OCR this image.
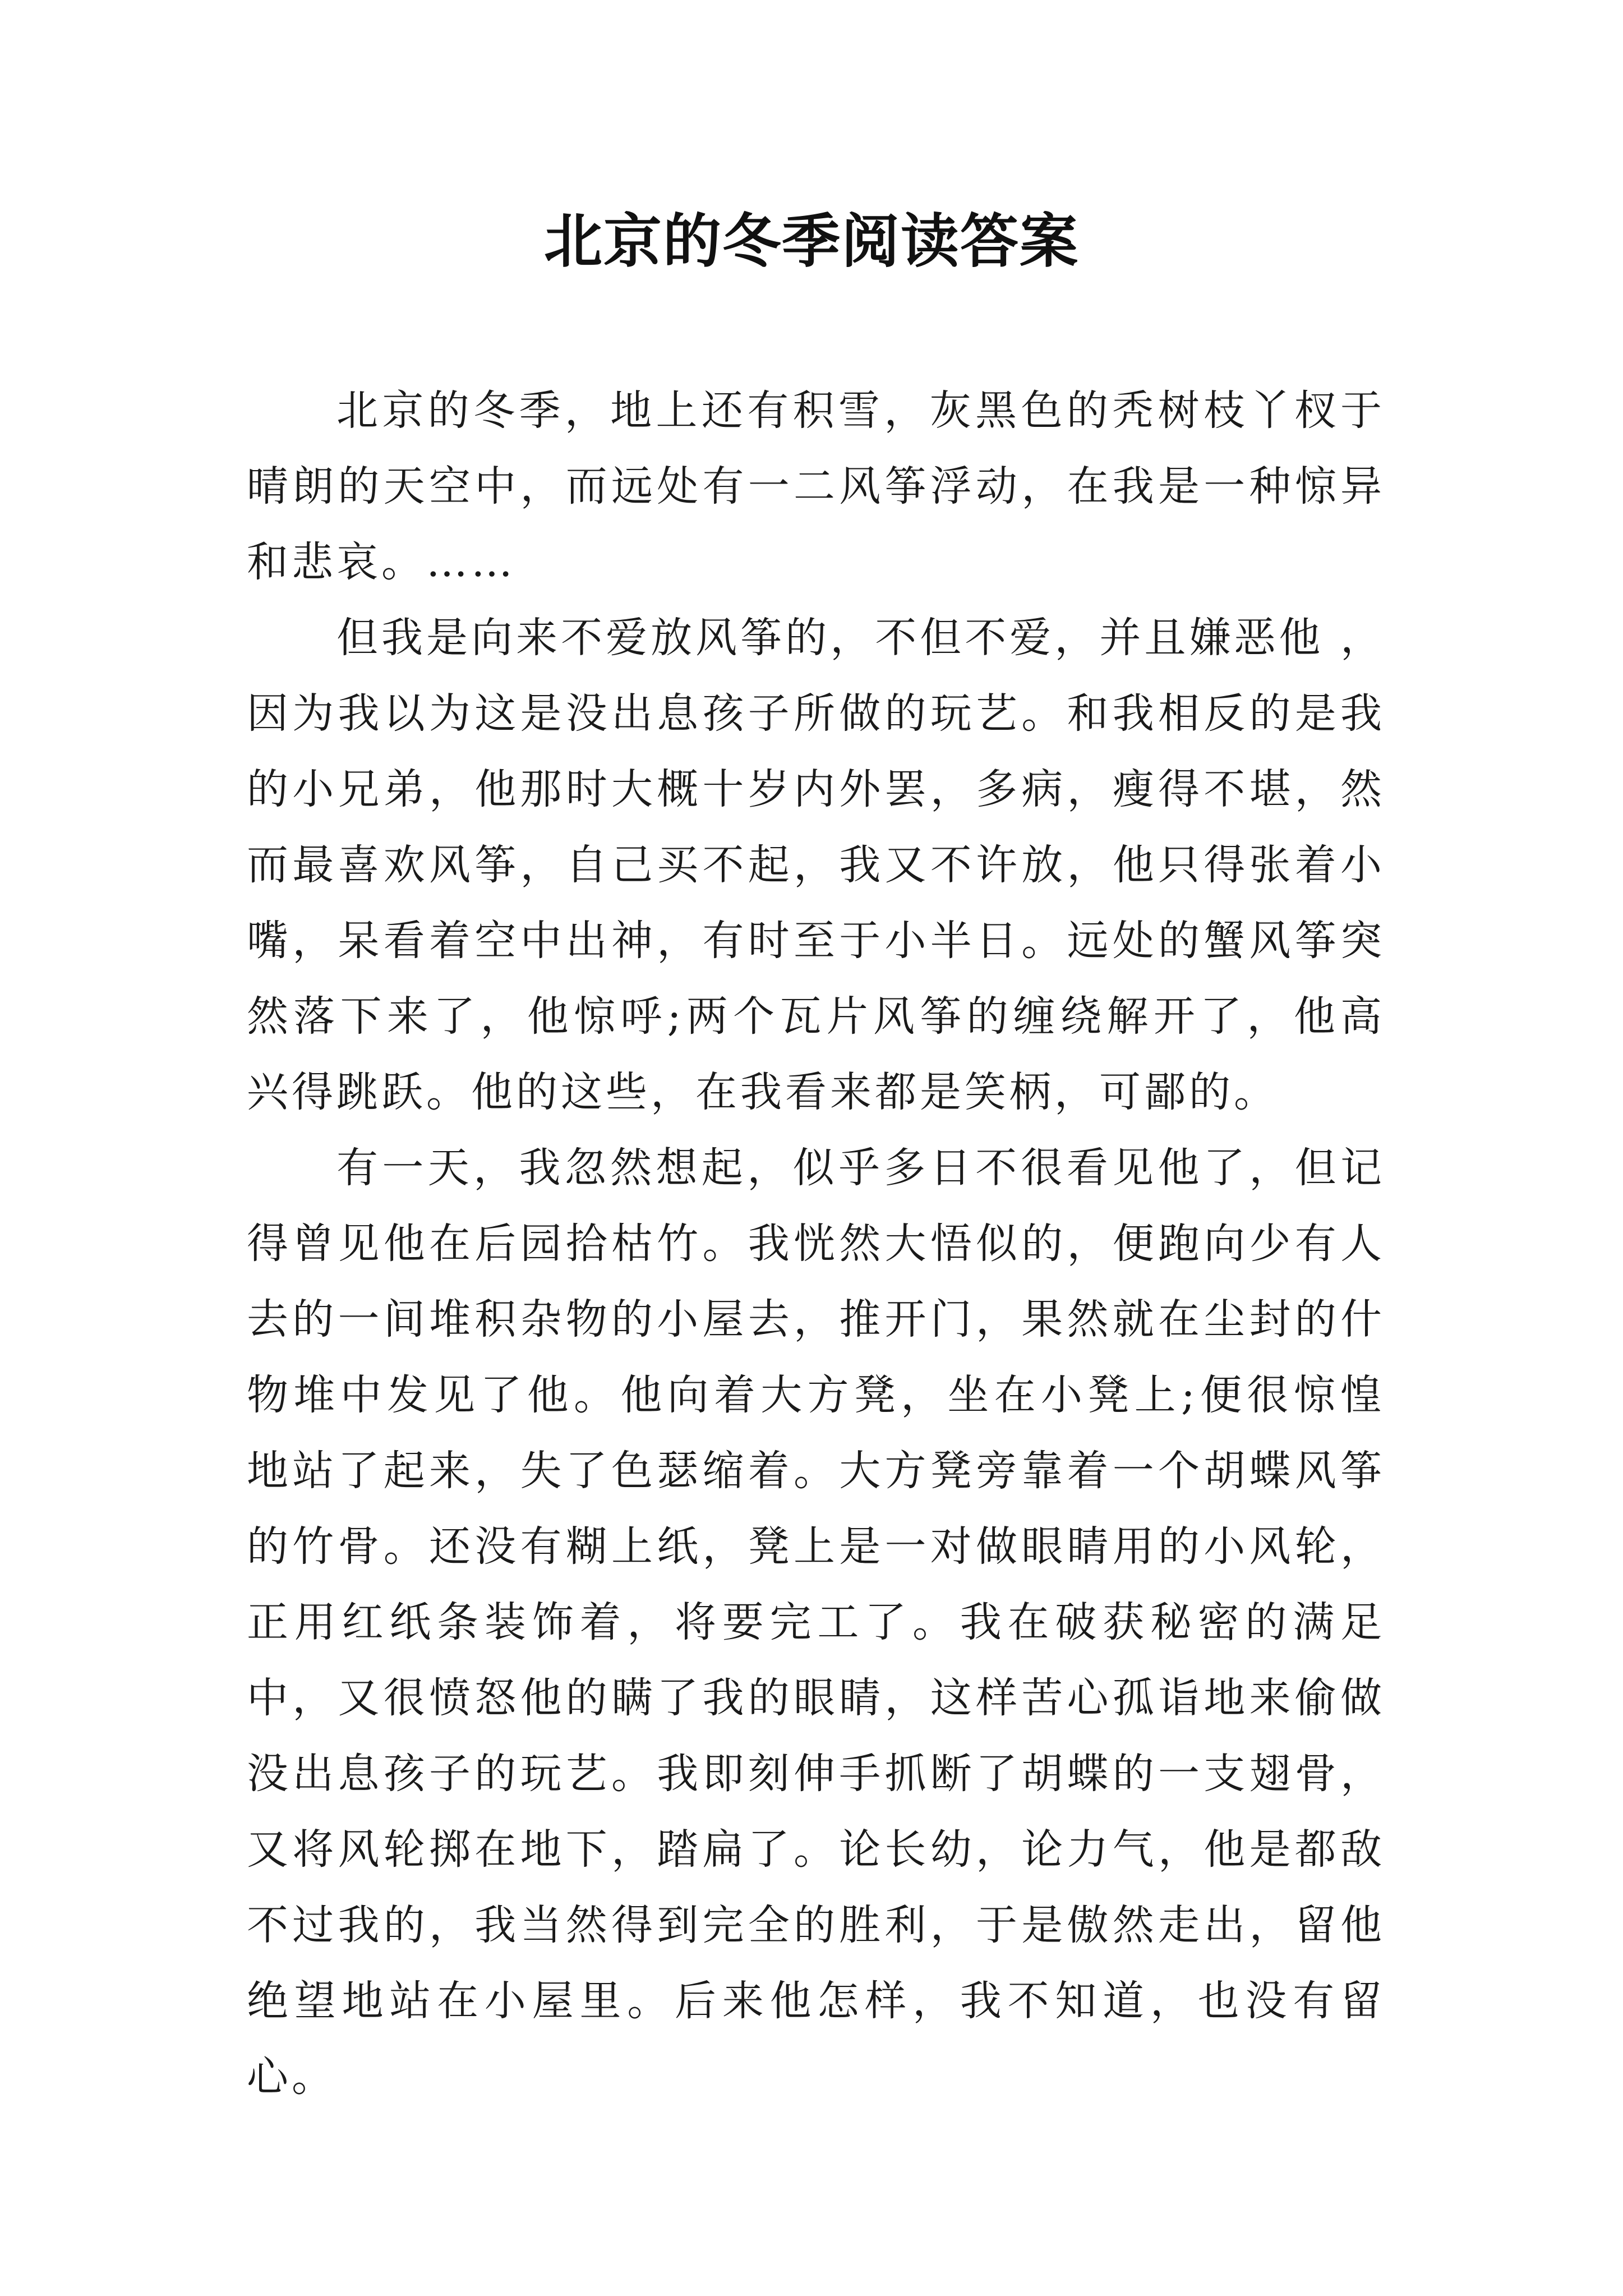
北京的冬季阅读答案

北京的冬季，地上还有积雪，灰黑色的秃树枝丫杈于晴朗的天空中，而远处有一二风筝浮动，在我是一种惊异和悲哀。……

但我是向来不爱放风筝的，不但不爱，并且嫌恶他 ，因为我以为这是没出息孩子所做的玩艺。和我相反的是我的小兄弟，他那时大概十岁内外罢，多病，瘦得不堪，然而最喜欢风筝，自己买不起，我又不许放，他只得张着小嘴，呆看着空中出神，有时至于小半日。远处的蟹风筝突然落下来了，他惊呼;两个瓦片风筝的缠绕解开了，他高兴得跳跃。他的这些，在我看来都是笑柄，可鄙的。

有一天，我忽然想起，似乎多日不很看见他了，但记得曾见他在后园拾枯竹。我恍然大悟似的，便跑向少有人去的一间堆积杂物的小屋去，推开门，果然就在尘封的什物堆中发见了他。他向着大方凳，坐在小凳上;便很惊惶地站了起来，失了色瑟缩着。大方凳旁靠着一个胡蝶风筝的竹骨。还没有糊上纸，凳上是一对做眼睛用的小风轮，正用红纸条装饰着，将要完工了。我在破获秘密的满足中，又很愤怒他的瞒了我的眼睛，这样苦心孤诣地来偷做没出息孩子的玩艺。我即刻伸手抓断了胡蝶的一支翅骨，又将风轮掷在地下，踏扁了。论长幼，论力气，他是都敌不过我的，我当然得到完全的胜利，于是傲然走出，留他绝望地站在小屋里。后来他怎样，我不知道，也没有留心。
